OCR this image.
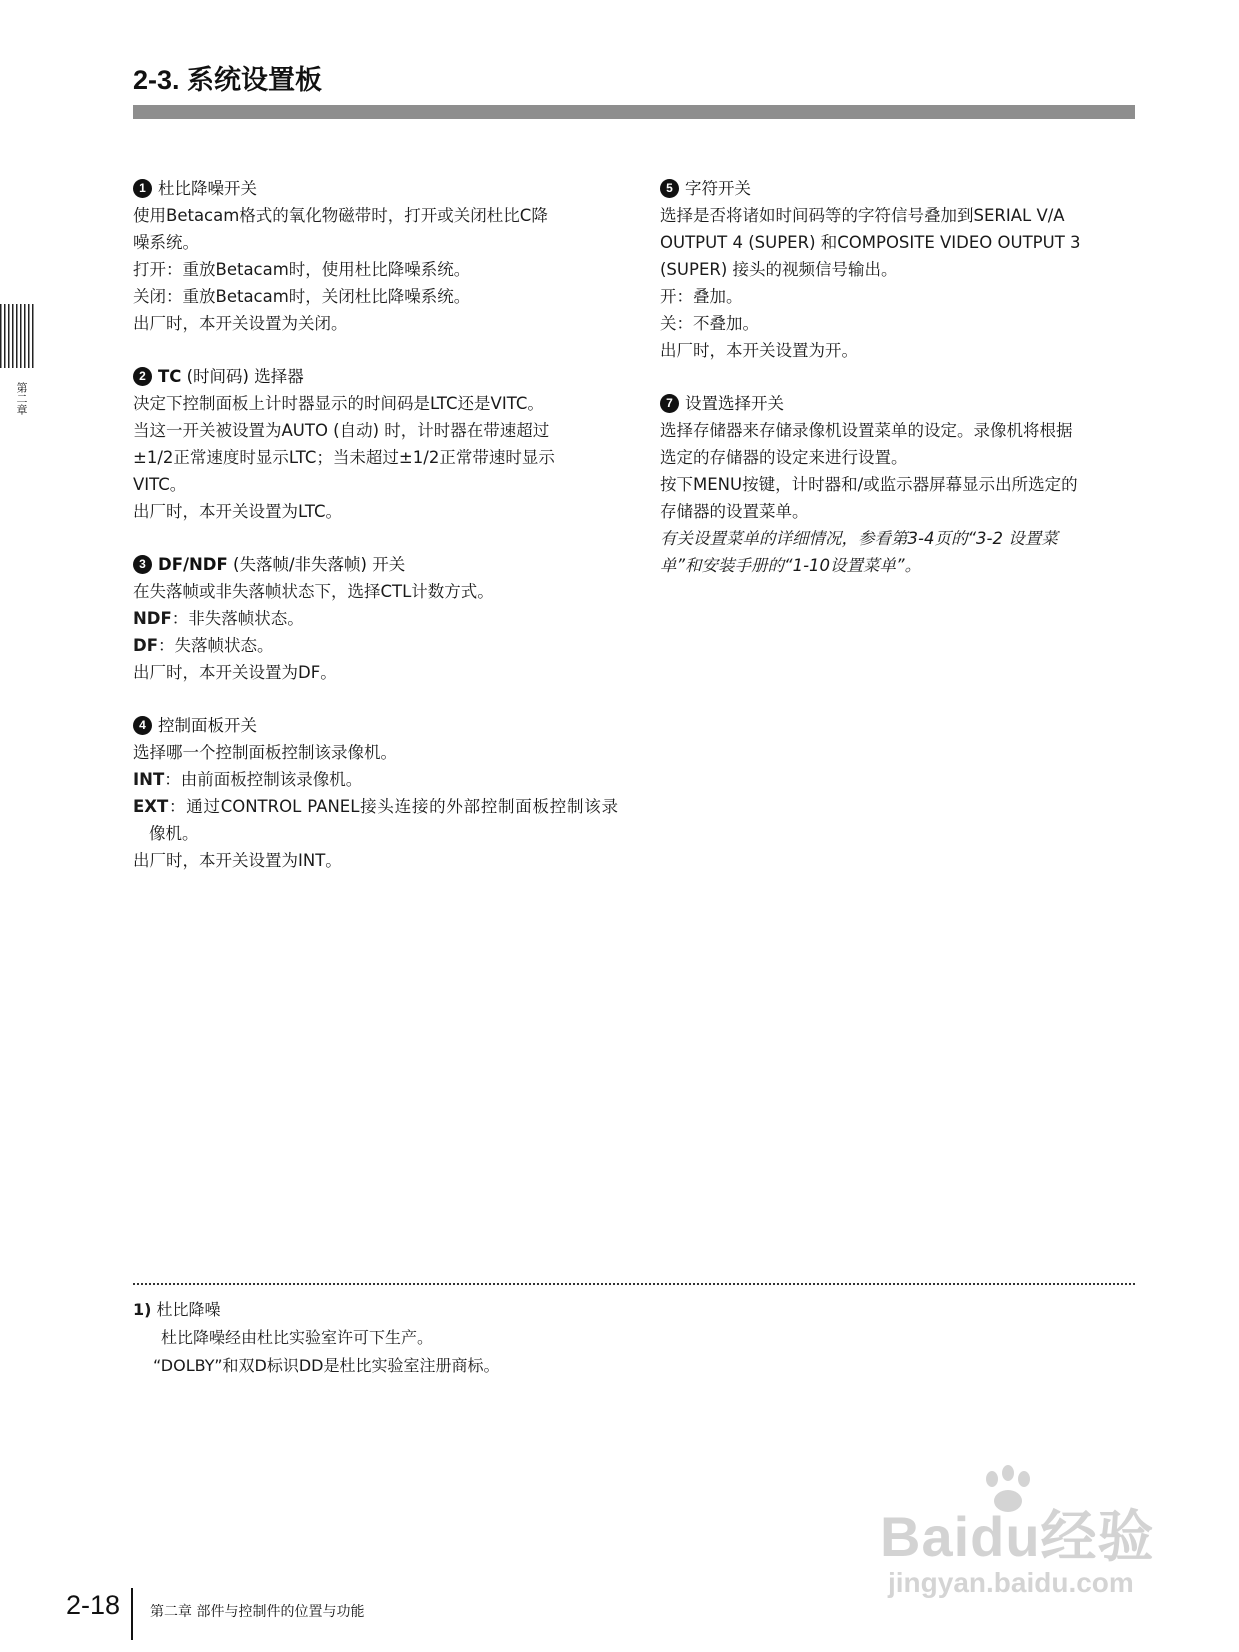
2-3. 系统设置板
第二章

1 杜比降噪开关

使用Betacam格式的氧化物磁带时，打开或关闭杜比C降

噪系统。

打开：重放Betacam时，使用杜比降噪系统。

关闭：重放Betacam时，关闭杜比降噪系统。

出厂时，本开关设置为关闭。

2 TC
(时间码) 选择器

决定下控制面板上计时器显示的时间码是LTC还是VITC。

当这一开关被设置为AUTO (自动) 时，计时器在带速超过

±1/2正常速度时显示LTC；当未超过±1/2正常带速时显示

VITC。

出厂时，本开关设置为LTC。

3 DF/NDF
(失落帧/非失落帧) 开关

在失落帧或非失落帧状态下，选择CTL计数方式。

NDF：非失落帧状态。

DF：失落帧状态。

出厂时，本开关设置为DF。

4 控制面板开关

选择哪一个控制面板控制该录像机。

INT：由前面板控制该录像机。

EXT：通过CONTROL PANEL接头连接的外部控制面板控制该录像机。

出厂时，本开关设置为INT。

5 字符开关

选择是否将诸如时间码等的字符信号叠加到SERIAL V/A

OUTPUT 4 (SUPER) 和COMPOSITE VIDEO OUTPUT 3

(SUPER) 接头的视频信号输出。

开：叠加。

关：不叠加。

出厂时，本开关设置为开。

7 设置选择开关

选择存储器来存储录像机设置菜单的设定。录像机将根据

选定的存储器的设定来进行设置。

按下MENU按键，计时器和/或监示器屏幕显示出所选定的

存储器的设置菜单。

有关设置菜单的详细情况，参看第3-4页的“3-2 设置菜

单”和安装手册的“1-10设置菜单”。

1) 杜比降噪

杜比降噪经由杜比实验室许可下生产。

“DOLBY”和双D标识DD是杜比实验室注册商标。

2-18 第二章 部件与控制件的位置与功能
Baidu经验
jingyan.baidu.com
